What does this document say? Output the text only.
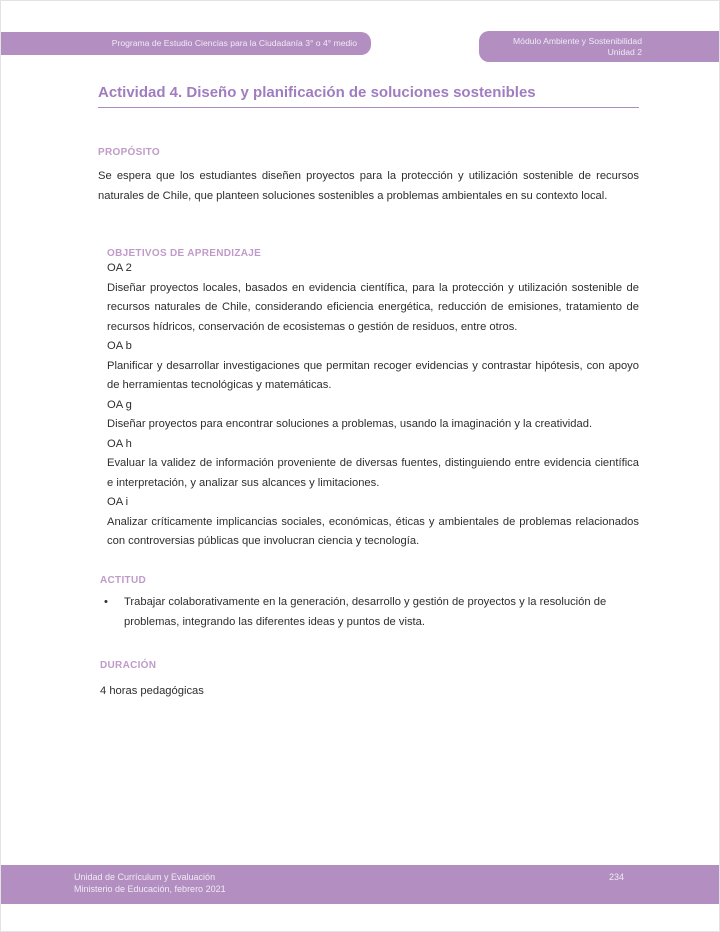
Programa de Estudio Ciencias para la Ciudadanía 3° o 4° medio	Módulo Ambiente y Sostenibilidad
Unidad 2
Actividad 4. Diseño y planificación de soluciones sostenibles
PROPÓSITO

Se espera que los estudiantes diseñen proyectos para la protección y utilización sostenible de recursos naturales de Chile, que planteen soluciones sostenibles a problemas ambientales en su contexto local.

OBJETIVOS DE APRENDIZAJE
OA 2

Diseñar proyectos locales, basados en evidencia científica, para la protección y utilización sostenible de recursos naturales de Chile, considerando eficiencia energética, reducción de emisiones, tratamiento de recursos hídricos, conservación de ecosistemas o gestión de residuos, entre otros.

OA b

Planificar y desarrollar investigaciones que permitan recoger evidencias y contrastar hipótesis, con apoyo de herramientas tecnológicas y matemáticas.

OA g

Diseñar proyectos para encontrar soluciones a problemas, usando la imaginación y la creatividad.

OA h

Evaluar la validez de información proveniente de diversas fuentes, distinguiendo entre evidencia científica e interpretación, y analizar sus alcances y limitaciones.

OA i

Analizar críticamente implicancias sociales, económicas, éticas y ambientales de problemas relacionados con controversias públicas que involucran ciencia y tecnología.

ACTITUD
•	Trabajar colaborativamente en la generación, desarrollo y gestión de proyectos y la resolución de problemas, integrando las diferentes ideas y puntos de vista.

DURACIÓN

4 horas pedagógicas

Unidad de Currículum y Evaluación
Ministerio de Educación, febrero 2021
234
